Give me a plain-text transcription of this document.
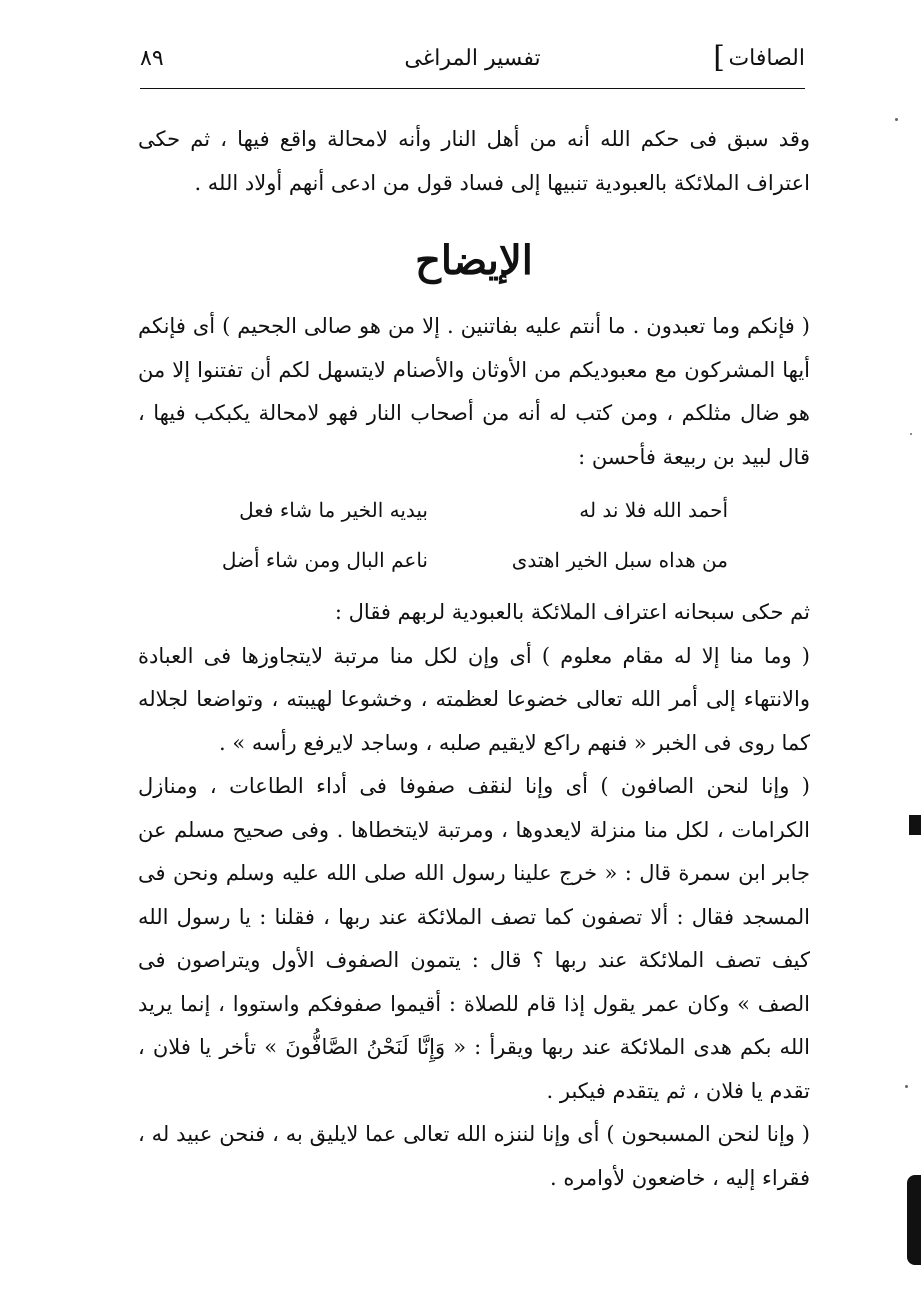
الصافات
]
تفسير المراغى
٨٩

وقد سبق فى حكم الله أنه من أهل النار وأنه لامحالة واقع فيها ، ثم حكى اعتراف الملائكة بالعبودية تنبيها إلى فساد قول من ادعى أنهم أولاد الله .

الإيضاح

( فإنكم وما تعبدون . ما أنتم عليه بفاتنين . إلا من هو صالى الجحيم ) أى فإنكم أيها المشركون مع معبوديكم من الأوثان والأصنام لايتسهل لكم أن تفتنوا إلا من هو ضال مثلكم ، ومن كتب له أنه من أصحاب النار فهو لامحالة يكبكب فيها ، قال لبيد بن ربيعة فأحسن :

أحمد الله فلا ند له
بيديه الخير ما شاء فعل
من هداه سبل الخير اهتدى
ناعم البال ومن شاء أضل

ثم حكى سبحانه اعتراف الملائكة بالعبودية لربهم فقال :

( وما منا إلا له مقام معلوم ) أى وإن لكل منا مرتبة لايتجاوزها فى العبادة والانتهاء إلى أمر الله تعالى خضوعا لعظمته ، وخشوعا لهيبته ، وتواضعا لجلاله كما روى فى الخبر « فنهم راكع لايقيم صلبه ، وساجد لايرفع رأسه » .

( وإنا لنحن الصافون ) أى وإنا لنقف صفوفا فى أداء الطاعات ، ومنازل الكرامات ، لكل منا منزلة لايعدوها ، ومرتبة لايتخطاها . وفى صحيح مسلم عن جابر ابن سمرة قال : « خرج علينا رسول الله صلى الله عليه وسلم ونحن فى المسجد فقال : ألا تصفون كما تصف الملائكة عند ربها ، فقلنا : يا رسول الله كيف تصف الملائكة عند ربها ؟ قال : يتمون الصفوف الأول ويتراصون فى الصف » وكان عمر يقول إذا قام للصلاة : أقيموا صفوفكم واستووا ، إنما يريد الله بكم هدى الملائكة عند ربها ويقرأ : « وَإِنَّا لَنَحْنُ الصَّافُّونَ » تأخر يا فلان ، تقدم يا فلان ، ثم يتقدم فيكبر .

( وإنا لنحن المسبحون ) أى وإنا لننزه الله تعالى عما لايليق به ، فنحن عبيد له ، فقراء إليه ، خاضعون لأوامره .
